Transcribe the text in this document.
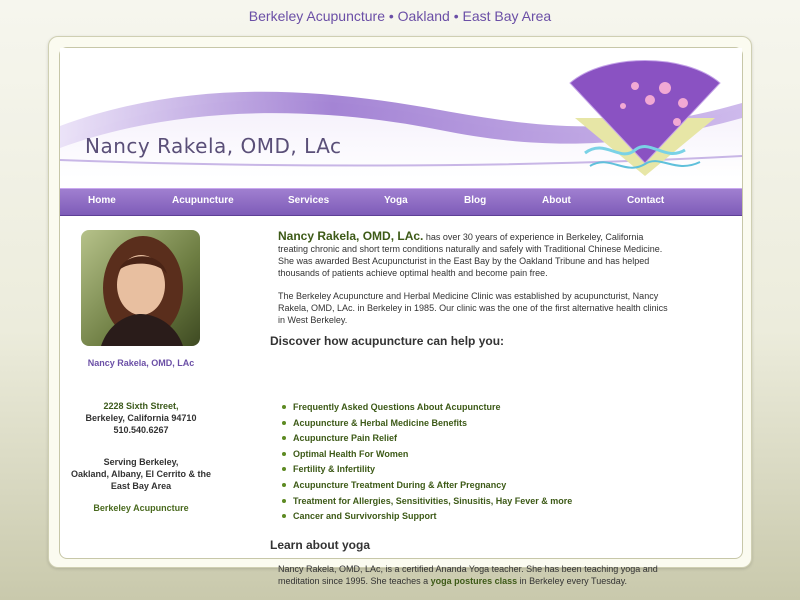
Berkeley Acupuncture • Oakland • East Bay Area
Nancy Rakela, OMD, LAc
Home	Acupuncture	Services	Yoga	Blog	About	Contact
Nancy Rakela, OMD, LAc
2228 Sixth Street,
Berkeley, California 94710
510.540.6267
Serving Berkeley,
Oakland, Albany, El Cerrito & the
East Bay Area
Berkeley Acupuncture
Nancy Rakela, OMD, LAc. has over 30 years of experience in Berkeley, California treating chronic and short term conditions naturally and safely with Traditional Chinese Medicine. She was awarded Best Acupuncturist in the East Bay by the Oakland Tribune and has helped thousands of patients achieve optimal health and become pain free.
The Berkeley Acupuncture and Herbal Medicine Clinic was established by acupuncturist, Nancy Rakela, OMD, LAc. in Berkeley in 1985. Our clinic was the one of the first alternative health clinics in West Berkeley.
Discover how acupuncture can help you:
Frequently Asked Questions About Acupuncture
Acupuncture & Herbal Medicine Benefits
Acupuncture Pain Relief
Optimal Health For Women
Fertility & Infertility
Acupuncture Treatment During & After Pregnancy
Treatment for Allergies, Sensitivities, Sinusitis, Hay Fever & more
Cancer and Survivorship Support
Learn about yoga
Nancy Rakela, OMD, LAc, is a certified Ananda Yoga teacher. She has been teaching yoga and meditation since 1995. She teaches a yoga postures class in Berkeley every Tuesday.
